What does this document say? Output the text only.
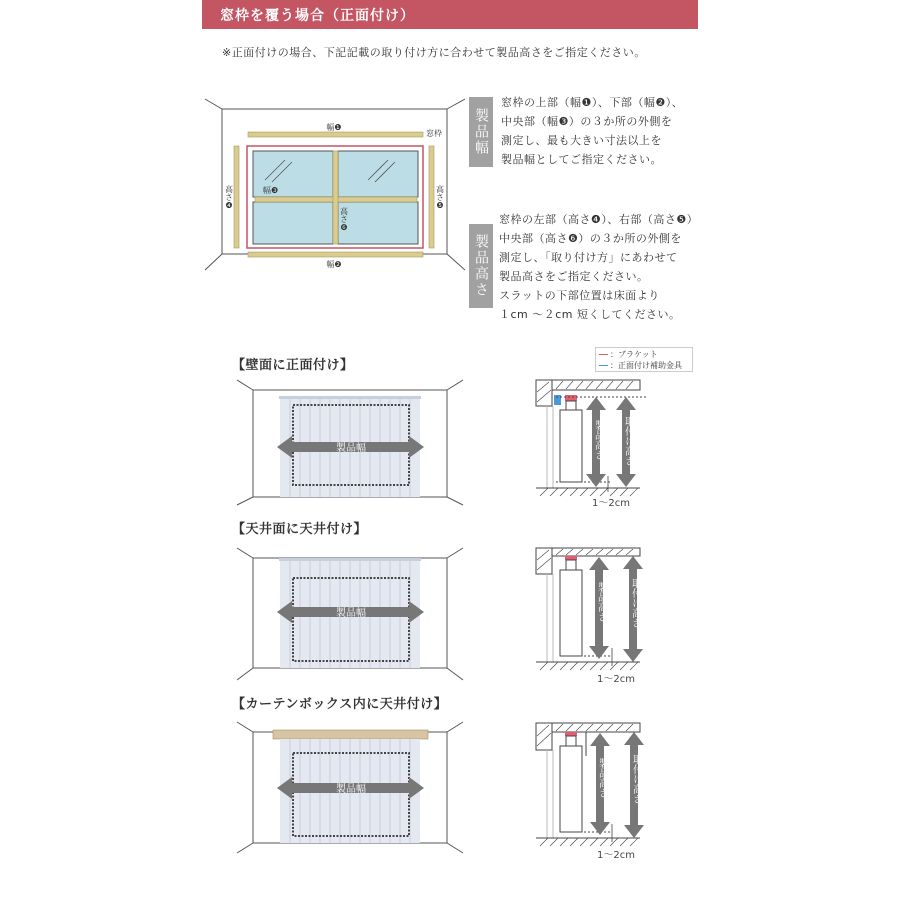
窓枠を覆う場合（正面付け）
※正面付けの場合、下記記載の取り付け方に合わせて製品高さをご指定ください。
幅❶
幅❷
幅❸
窓枠
高さ❹	高さ❺
高さ❻
製品幅
窓枠の上部（幅❶）、下部（幅❷）、
中央部（幅❸）の３か所の外側を
測定し、最も大きい寸法以上を
製品幅としてご指定ください。
製品高さ
窓枠の左部（高さ❹）、右部（高さ❺）
中央部（高さ❻）の３か所の外側を
測定し、「取り付け方」にあわせて
製品高さをご指定ください。
スラットの下部位置は床面より
１cm ～２cm 短くしてください。
：ブラケット
：正面付け補助金具
【壁面に正面付け】
【天井面に天井付け】
【カーテンボックス内に天井付け】
製品幅	製品高さ 取付け高さ
1～2cm
製品幅	製品高さ 取付け高さ
1～2cm
製品幅	製品高さ 取付け高さ
1～2cm
